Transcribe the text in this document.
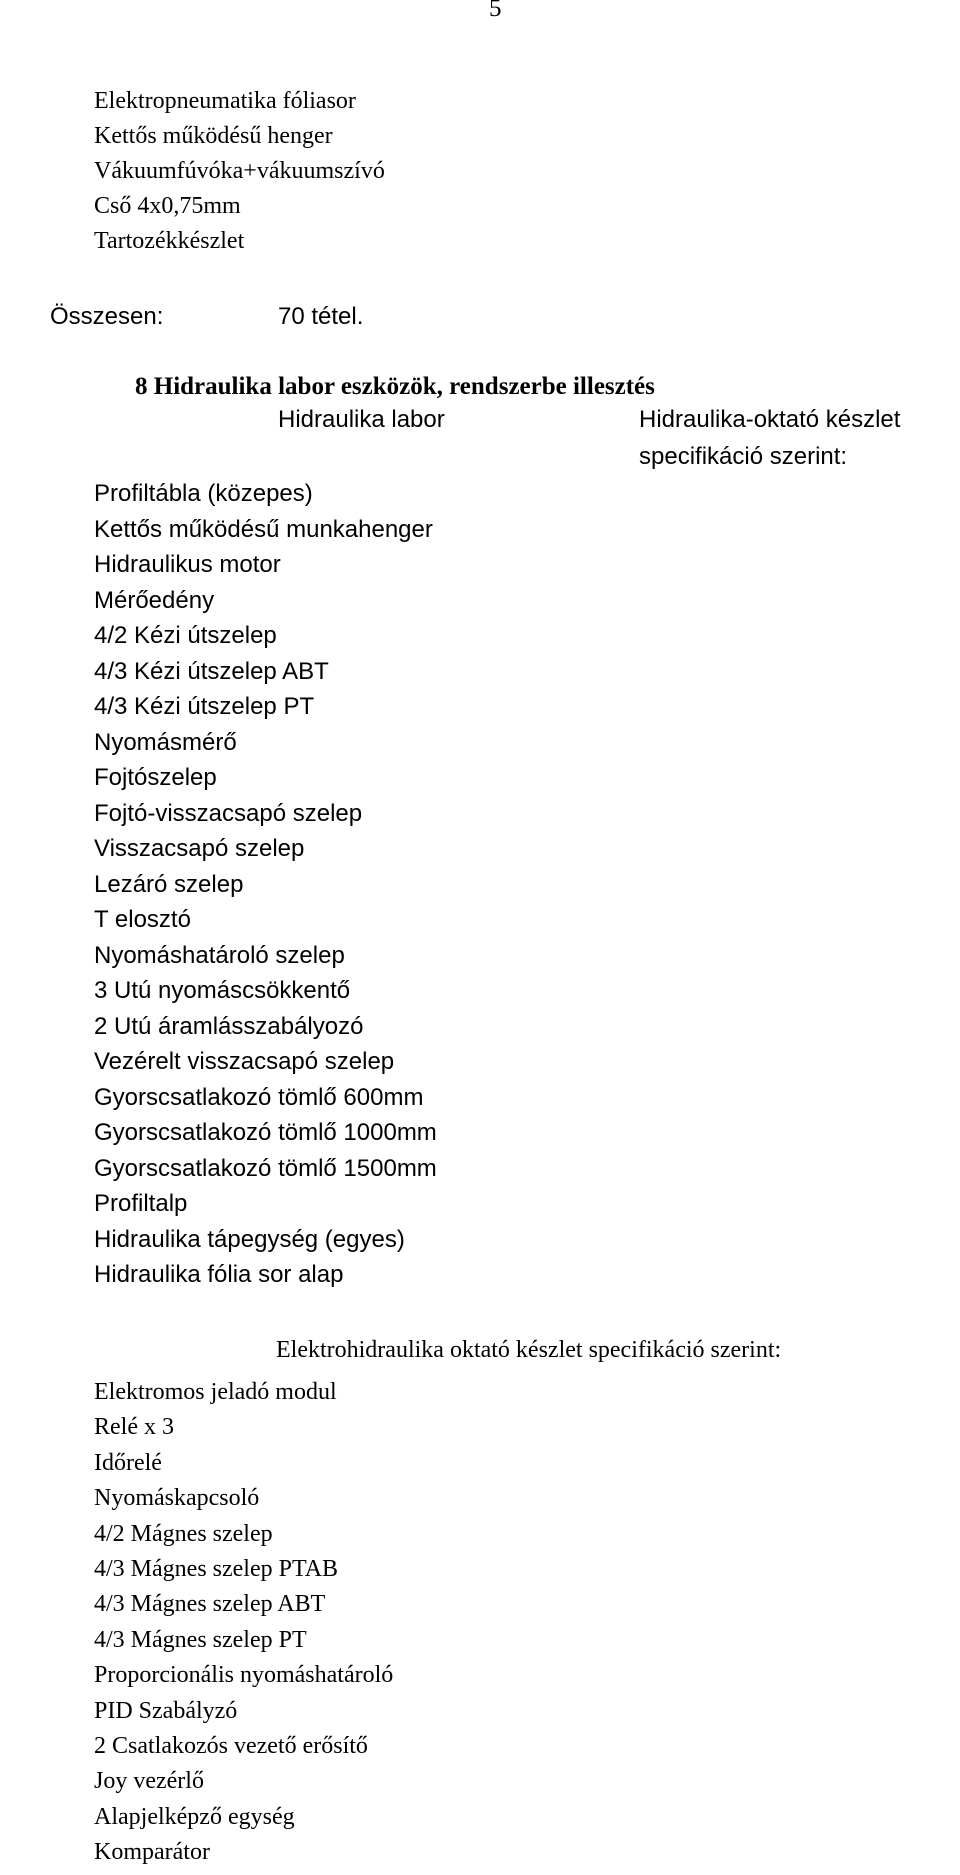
5
Elektropneumatika fóliasor
Kettős működésű henger
Vákuumfúvóka+vákuumszívó
Cső 4x0,75mm
Tartozékkészlet
Összesen:	70 tétel.
8 Hidraulika labor eszközök, rendszerbe illesztés
Hidraulika labor	Hidraulika-oktató készlet
specifikáció szerint:
Profiltábla (közepes)
Kettős működésű munkahenger
Hidraulikus motor
Mérőedény
4/2 Kézi útszelep
4/3 Kézi útszelep ABT
4/3 Kézi útszelep PT
Nyomásmérő
Fojtószelep
Fojtó-visszacsapó szelep
Visszacsapó szelep
Lezáró szelep
T elosztó
Nyomáshatároló szelep
3 Utú nyomáscsökkentő
2 Utú áramlásszabályozó
Vezérelt visszacsapó szelep
Gyorscsatlakozó tömlő 600mm
Gyorscsatlakozó tömlő 1000mm
Gyorscsatlakozó tömlő 1500mm
Profiltalp
Hidraulika tápegység (egyes)
Hidraulika fólia sor alap
Elektrohidraulika oktató készlet specifikáció szerint:
Elektromos jeladó modul
Relé x 3
Időrelé
Nyomáskapcsoló
4/2 Mágnes szelep
4/3 Mágnes szelep PTAB
4/3 Mágnes szelep ABT
4/3 Mágnes szelep PT
Proporcionális nyomáshatároló
PID Szabályzó
2 Csatlakozós vezető erősítő
Joy vezérlő
Alapjelképző egység
Komparátor
